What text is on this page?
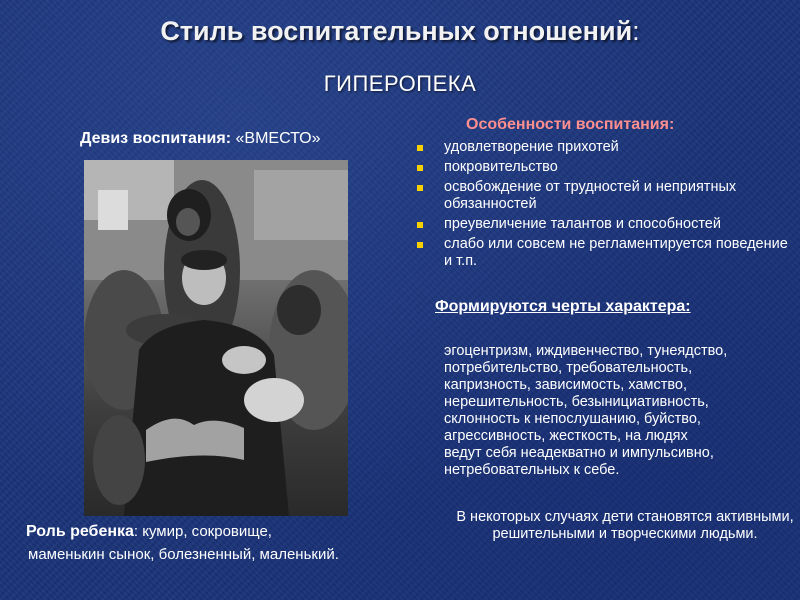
Стиль воспитательных отношений:
ГИПЕРОПЕКА
Девиз воспитания: «ВМЕСТО»
Особенности воспитания:
удовлетворение прихотей
покровительство
освобождение от трудностей и неприятных обязанностей
преувеличение талантов и способностей
слабо или совсем не регламентируется поведение и т.п.
Формируются черты характера:
эгоцентризм, иждивенчество, тунеядство,
потребительство, требовательность,
капризность, зависимость, хамство,
нерешительность, безынициативность,
склонность к непослушанию, буйство,
агрессивность, жесткость, на людях
ведут себя неадекватно и импульсивно,
нетребовательных к себе.
В некоторых случаях дети становятся активными, решительными и творческими людьми.
Роль ребенка: кумир, сокровище,
маменькин сынок, болезненный, маленький.
